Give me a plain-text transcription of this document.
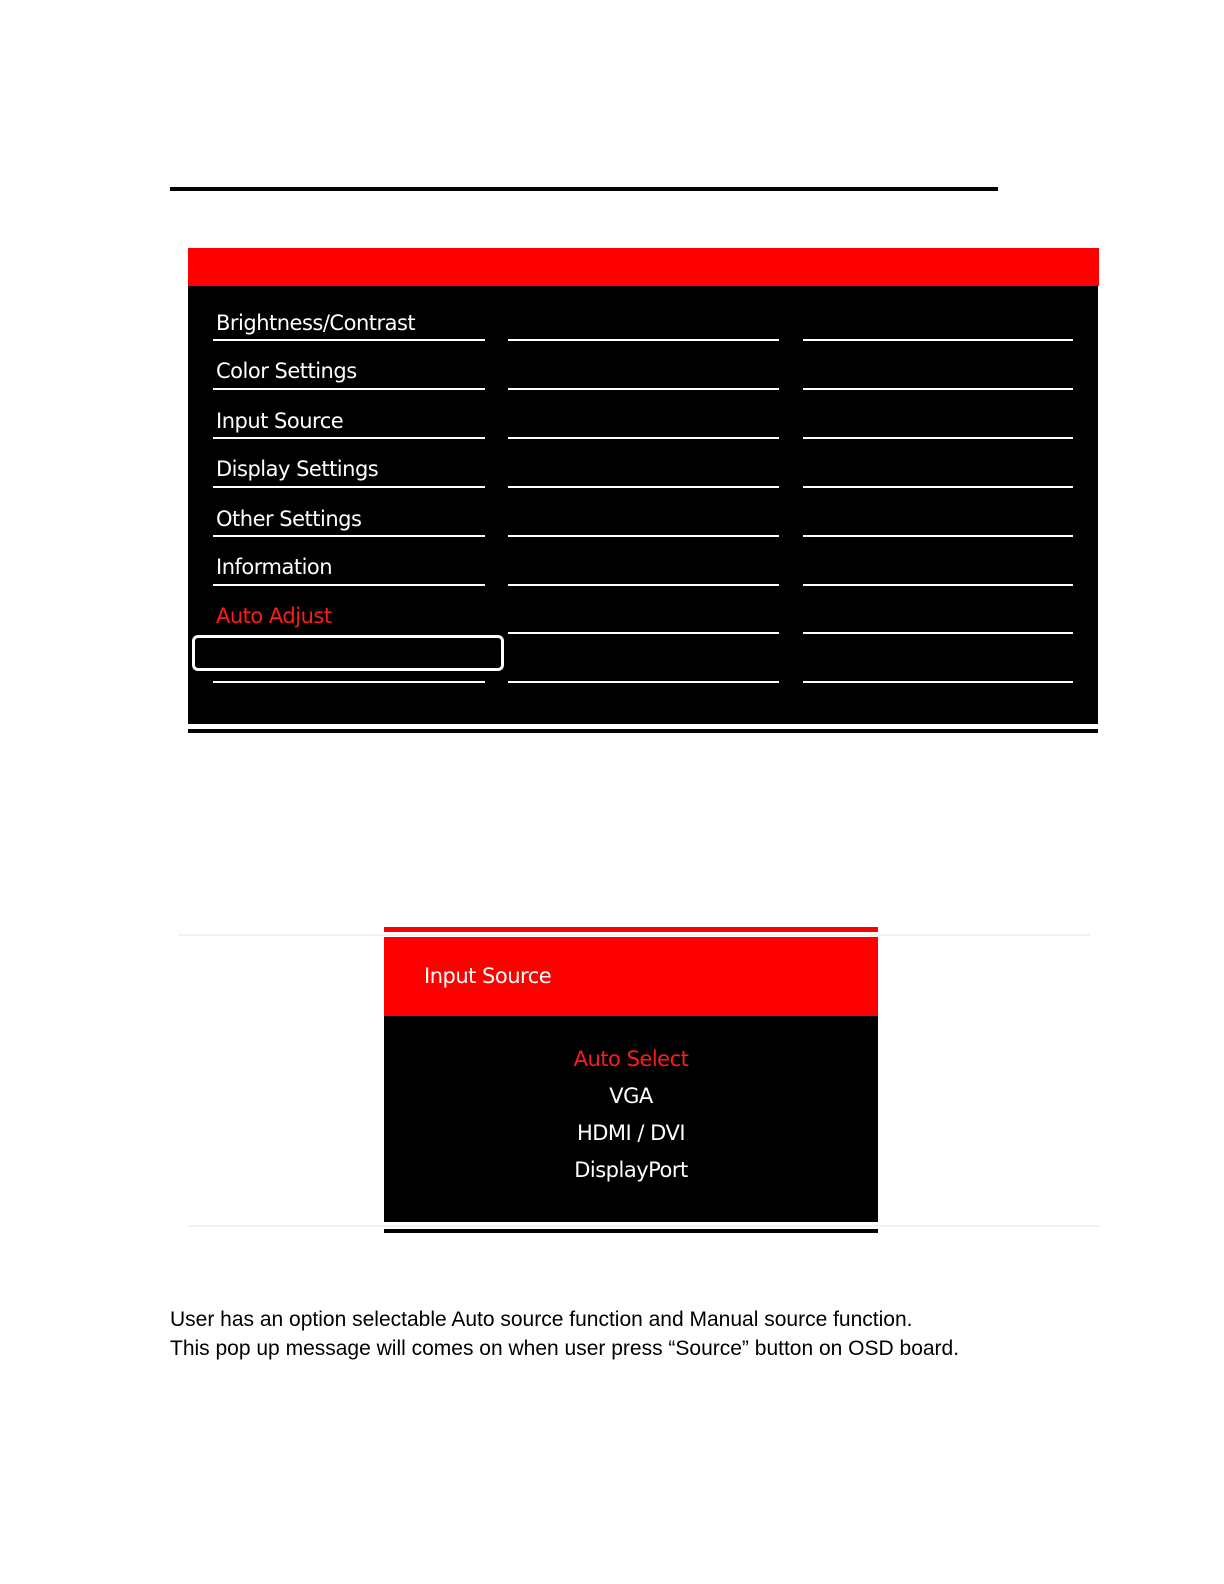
Brightness/Contrast
Color Settings
Input Source
Display Settings
Other Settings
Information
Auto Adjust
Input Source
Auto Select
VGA
HDMI / DVI
DisplayPort

User has an option selectable Auto source function and Manual source function.

This pop up message will comes on when user press “Source” button on OSD board.
